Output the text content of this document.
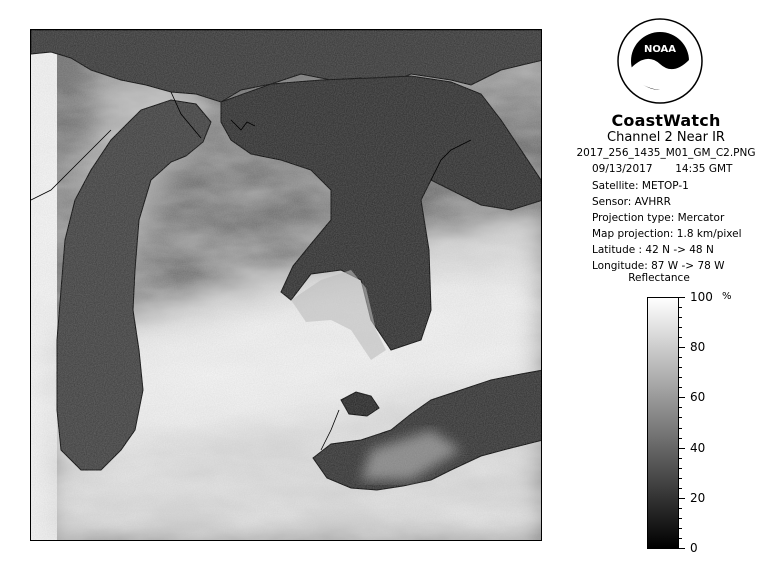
NOAA
CoastWatch
Channel 2 Near IR
2017_256_1435_M01_GM_C2.PNG
09/13/2017 14:35 GMT
Satellite: METOP-1
Sensor: AVHRR
Projection type: Mercator
Map projection: 1.8 km/pixel
Latitude : 42 N -> 48 N
Longitude: 87 W -> 78 W
Reflectance
%
100
80
60
40
20
0
